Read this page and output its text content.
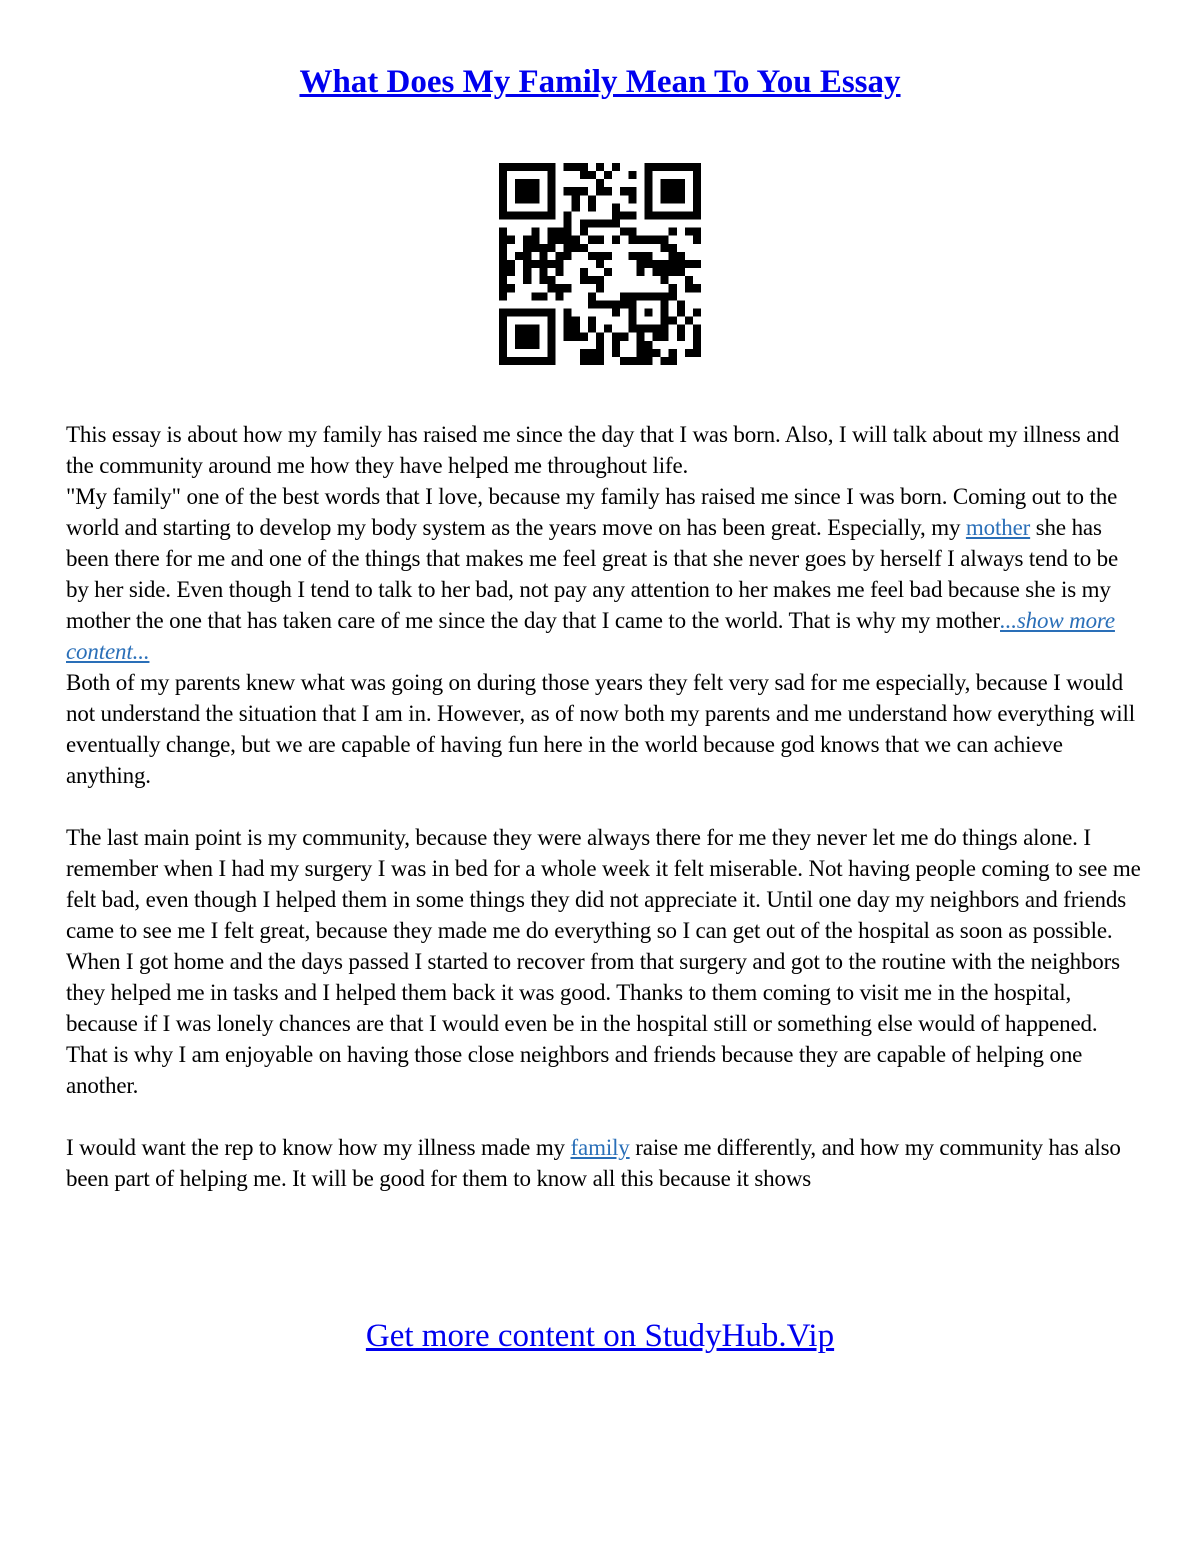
What Does My Family Mean To You Essay

This essay is about how my family has raised me since the day that I was born. Also, I will talk about my illness and the community around me how they have helped me throughout life.

"My family" one of the best words that I love, because my family has raised me since I was born. Coming out to the world and starting to develop my body system as the years move on has been great. Especially, my mother she has been there for me and one of the things that makes me feel great is that she never goes by herself I always tend to be by her side. Even though I tend to talk to her bad, not pay any attention to her makes me feel bad because she is my mother the one that has taken care of me since the day that I came to the world. That is why my mother...show more content...

Both of my parents knew what was going on during those years they felt very sad for me especially, because I would not understand the situation that I am in. However, as of now both my parents and me understand how everything will eventually change, but we are capable of having fun here in the world because god knows that we can achieve anything.

The last main point is my community, because they were always there for me they never let me do things alone. I remember when I had my surgery I was in bed for a whole week it felt miserable. Not having people coming to see me felt bad, even though I helped them in some things they did not appreciate it. Until one day my neighbors and friends came to see me I felt great, because they made me do everything so I can get out of the hospital as soon as possible. When I got home and the days passed I started to recover from that surgery and got to the routine with the neighbors they helped me in tasks and I helped them back it was good. Thanks to them coming to visit me in the hospital, because if I was lonely chances are that I would even be in the hospital still or something else would of happened. That is why I am enjoyable on having those close neighbors and friends because they are capable of helping one another.

I would want the rep to know how my illness made my family raise me differently, and how my community has also been part of helping me. It will be good for them to know all this because it shows

Get more content on StudyHub.Vip
